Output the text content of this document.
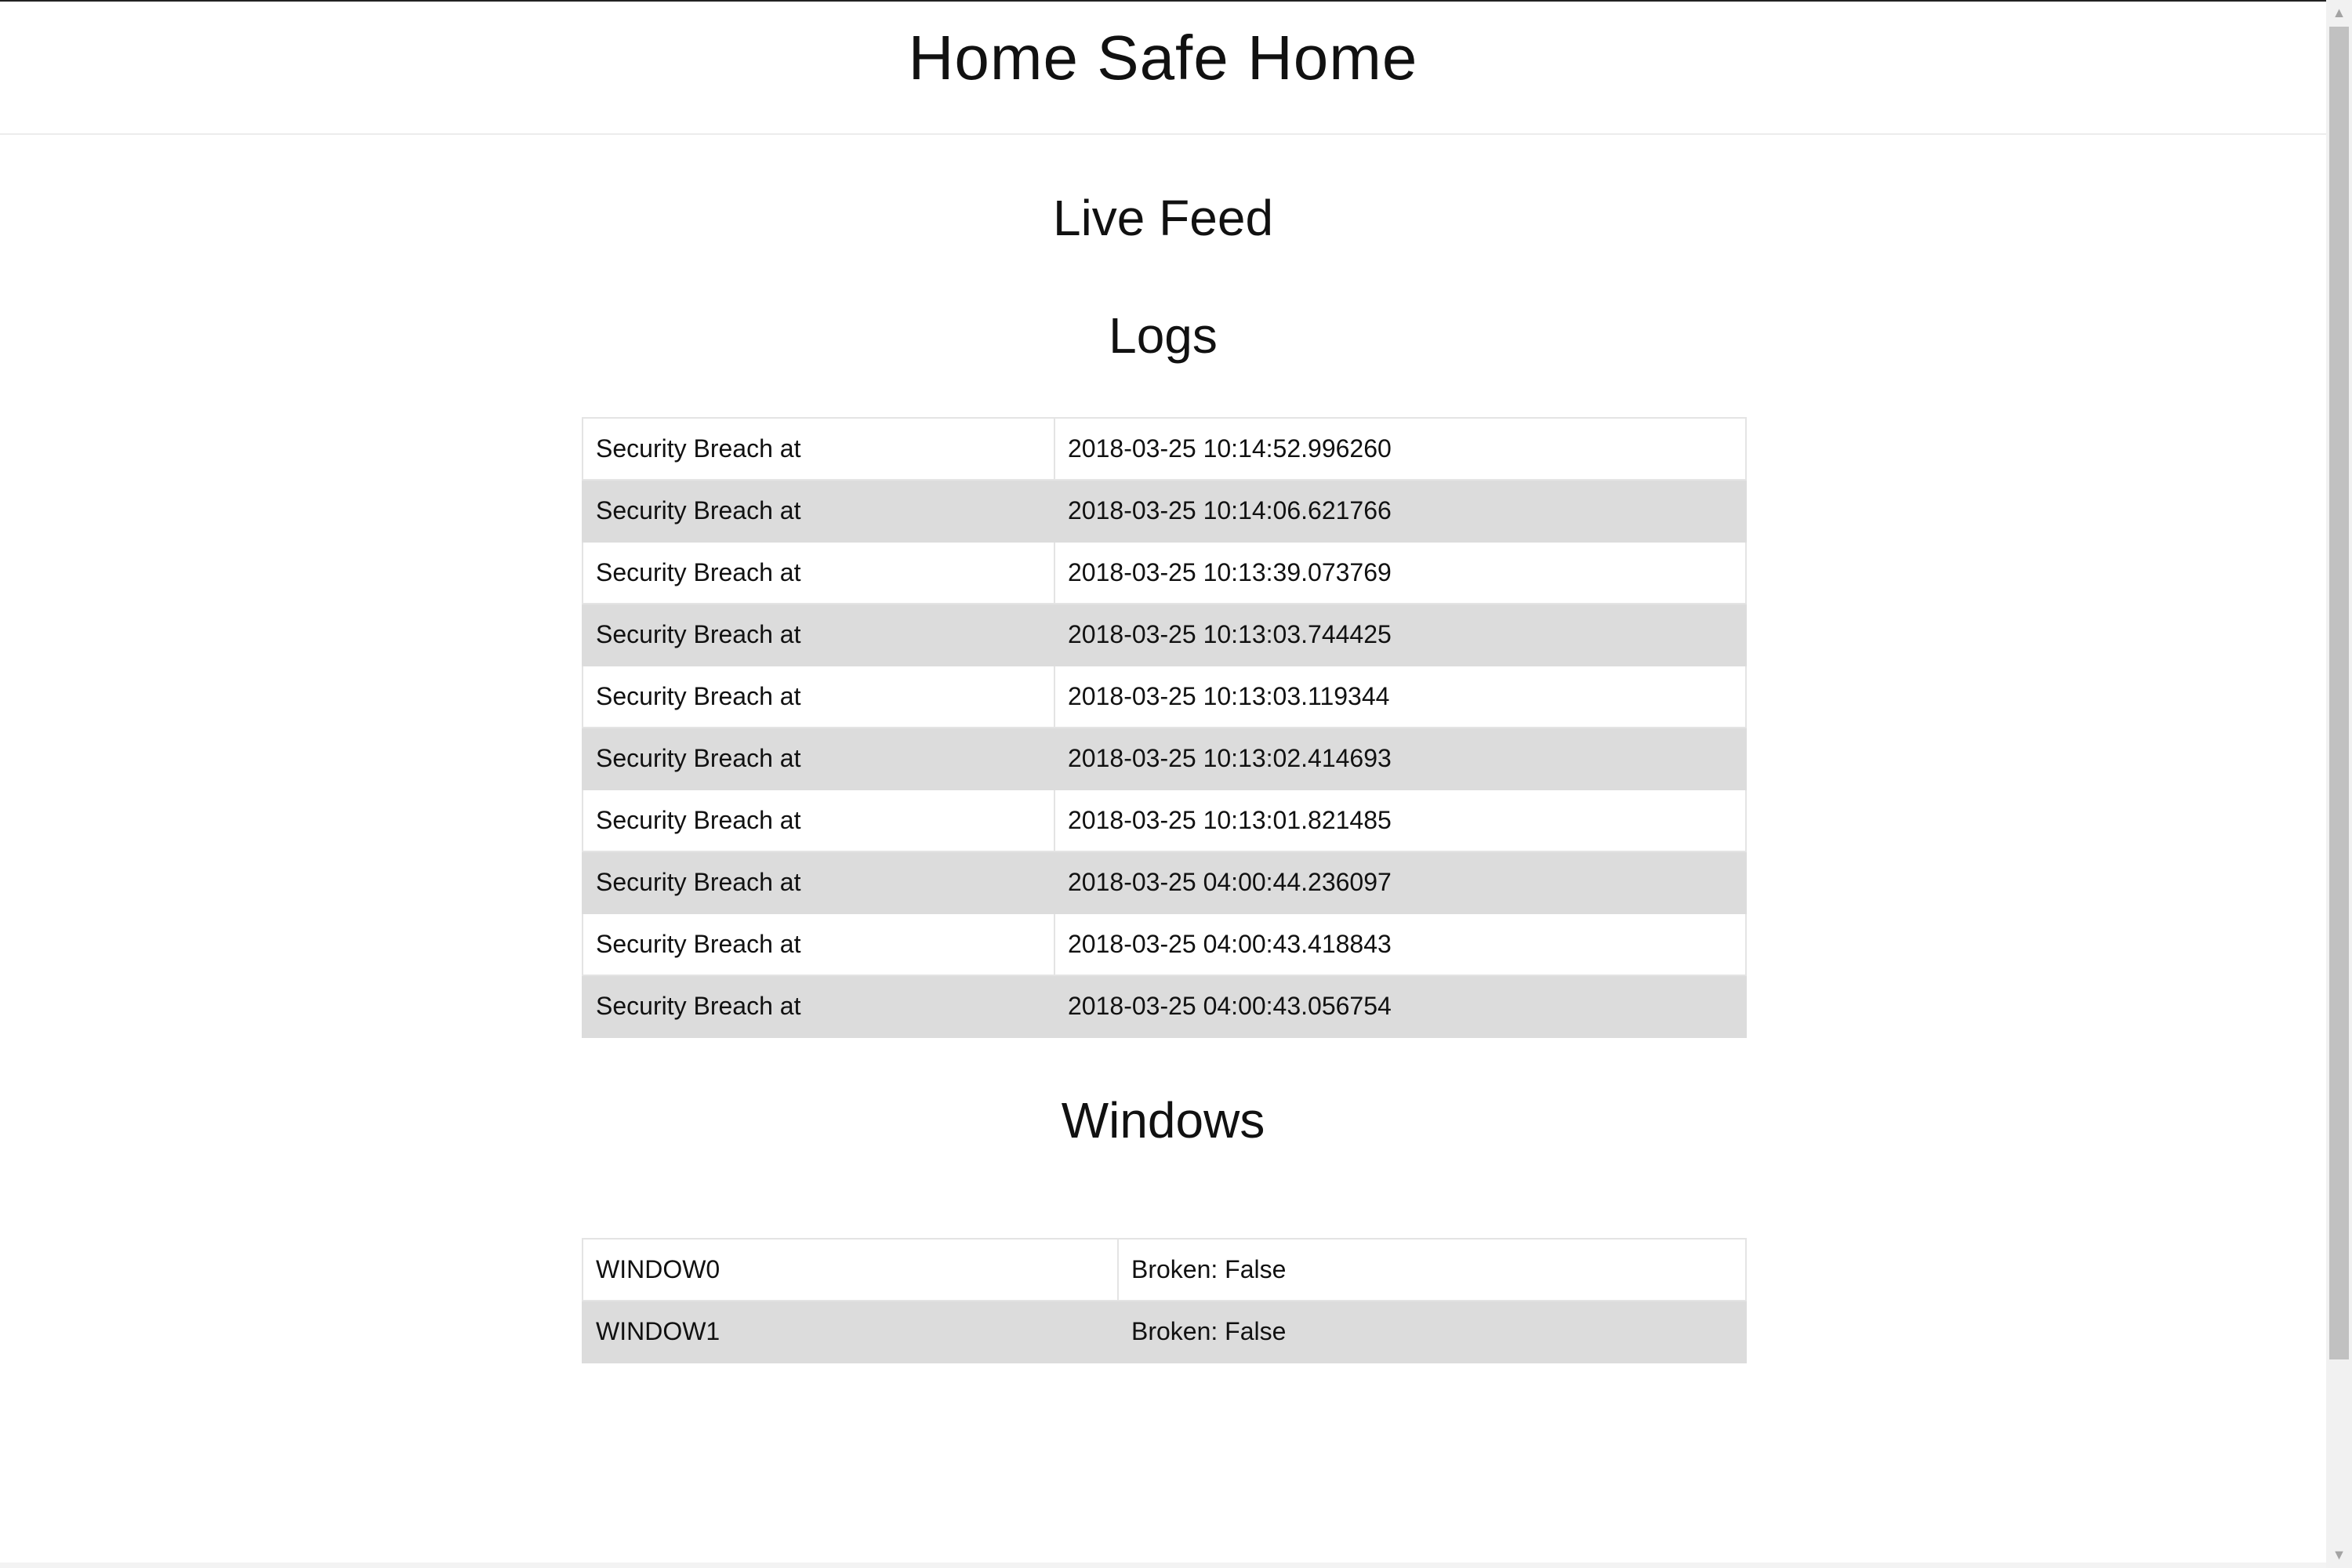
Home Safe Home
Live Feed
Logs
Security Breach at	2018-03-25 10:14:52.996260
Security Breach at	2018-03-25 10:14:06.621766
Security Breach at	2018-03-25 10:13:39.073769
Security Breach at	2018-03-25 10:13:03.744425
Security Breach at	2018-03-25 10:13:03.119344
Security Breach at	2018-03-25 10:13:02.414693
Security Breach at	2018-03-25 10:13:01.821485
Security Breach at	2018-03-25 04:00:44.236097
Security Breach at	2018-03-25 04:00:43.418843
Security Breach at	2018-03-25 04:00:43.056754
Windows
WINDOW0	Broken: False
WINDOW1	Broken: False
▲
▼
